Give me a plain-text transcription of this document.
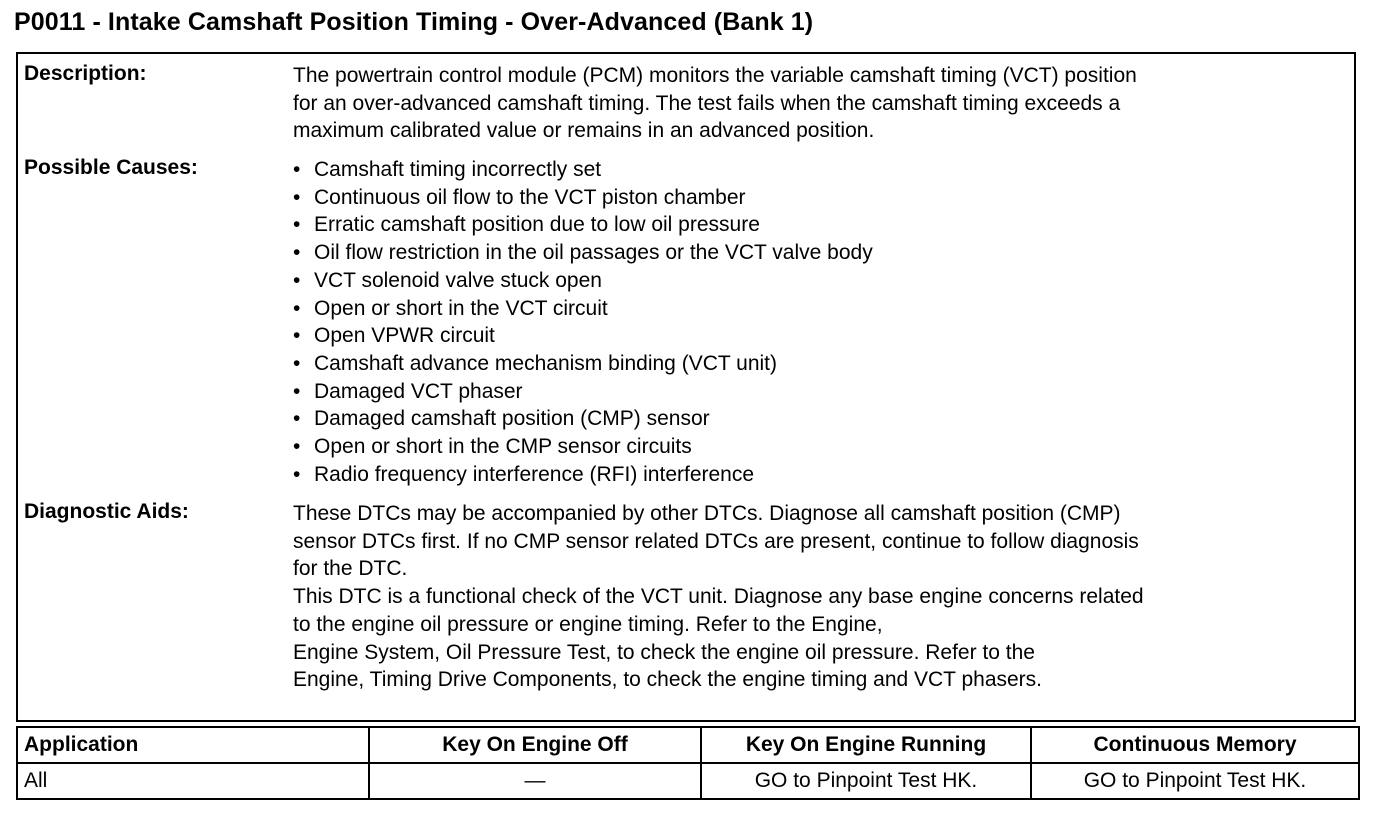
P0011 - Intake Camshaft Position Timing - Over-Advanced (Bank 1)
Description:	The powertrain control module (PCM) monitors the variable camshaft timing (VCT) position
for an over-advanced camshaft timing. The test fails when the camshaft timing exceeds a
maximum calibrated value or remains in an advanced position.
Possible Causes:	• Camshaft timing incorrectly set
• Continuous oil flow to the VCT piston chamber
• Erratic camshaft position due to low oil pressure
• Oil flow restriction in the oil passages or the VCT valve body
• VCT solenoid valve stuck open
• Open or short in the VCT circuit
• Open VPWR circuit
• Camshaft advance mechanism binding (VCT unit)
• Damaged VCT phaser
• Damaged camshaft position (CMP) sensor
• Open or short in the CMP sensor circuits
• Radio frequency interference (RFI) interference
Diagnostic Aids:	These DTCs may be accompanied by other DTCs. Diagnose all camshaft position (CMP)
sensor DTCs first. If no CMP sensor related DTCs are present, continue to follow diagnosis
for the DTC.
This DTC is a functional check of the VCT unit. Diagnose any base engine concerns related
to the engine oil pressure or engine timing. Refer to the Engine,
Engine System, Oil Pressure Test, to check the engine oil pressure. Refer to the
Engine, Timing Drive Components, to check the engine timing and VCT phasers.
Application	Key On Engine Off	Key On Engine Running	Continuous Memory
All	—	GO to Pinpoint Test HK.	GO to Pinpoint Test HK.
